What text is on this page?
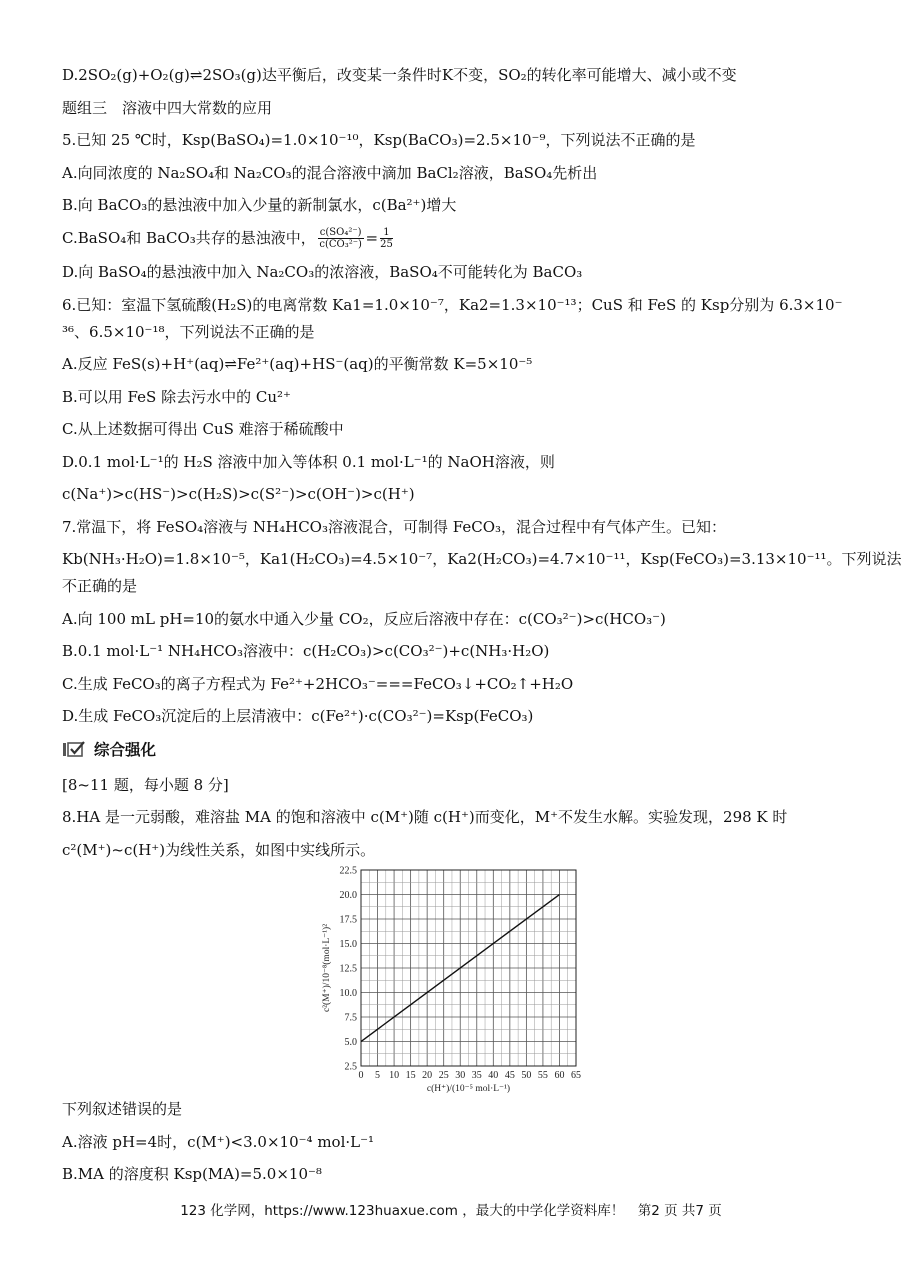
D.2SO₂(g)+O₂(g)⇌2SO₃(g)达平衡后，改变某一条件时K不变，SO₂的转化率可能增大、减小或不变

题组三　溶液中四大常数的应用

5.已知 25 ℃时，Ksp(BaSO₄)=1.0×10⁻¹⁰，Ksp(BaCO₃)=2.5×10⁻⁹，下列说法不正确的是

A.向同浓度的 Na₂SO₄和 Na₂CO₃的混合溶液中滴加 BaCl₂溶液，BaSO₄先析出

B.向 BaCO₃的悬浊液中加入少量的新制氯水，c(Ba²⁺)增大

C.BaSO₄和 BaCO₃共存的悬浊液中， $\frac{\text{c(SO₄²⁻)}}{\text{c(CO₃²⁻)}} = \frac{1}{25}$

D.向 BaSO₄的悬浊液中加入 Na₂CO₃的浓溶液，BaSO₄不可能转化为 BaCO₃

6.已知：室温下氢硫酸(H₂S)的电离常数 Ka1=1.0×10⁻⁷，Ka2=1.3×10⁻¹³；CuS 和 FeS 的 Ksp分别为 6.3×10⁻

³⁶、6.5×10⁻¹⁸，下列说法不正确的是

A.反应 FeS(s)+H⁺(aq)⇌Fe²⁺(aq)+HS⁻(aq)的平衡常数 K=5×10⁻⁵

B.可以用 FeS 除去污水中的 Cu²⁺

C.从上述数据可得出 CuS 难溶于稀硫酸中

D.0.1 mol·L⁻¹的 H₂S 溶液中加入等体积 0.1 mol·L⁻¹的 NaOH溶液，则

c(Na⁺)>c(HS⁻)>c(H₂S)>c(S²⁻)>c(OH⁻)>c(H⁺)

7.常温下，将 FeSO₄溶液与 NH₄HCO₃溶液混合，可制得 FeCO₃，混合过程中有气体产生。已知：

Kb(NH₃·H₂O)=1.8×10⁻⁵，Ka1(H₂CO₃)=4.5×10⁻⁷，Ka2(H₂CO₃)=4.7×10⁻¹¹，Ksp(FeCO₃)=3.13×10⁻¹¹。下列说法

不正确的是

A.向 100 mL pH=10的氨水中通入少量 CO₂，反应后溶液中存在：c(CO₃²⁻)>c(HCO₃⁻)

B.0.1 mol·L⁻¹ NH₄HCO₃溶液中：c(H₂CO₃)>c(CO₃²⁻)+c(NH₃·H₂O)

C.生成 FeCO₃的离子方程式为 Fe²⁺+2HCO₃⁻===FeCO₃↓+CO₂↑+H₂O

D.生成 FeCO₃沉淀后的上层清液中：c(Fe²⁺)·c(CO₃²⁻)=Ksp(FeCO₃)

综合强化

[8~11 题，每小题 8 分]

8.HA 是一元弱酸，难溶盐 MA 的饱和溶液中 c(M⁺)随 c(H⁺)而变化，M⁺不发生水解。实验发现，298 K 时

c²(M⁺)~c(H⁺)为线性关系，如图中实线所示。

0 5 10 15 20 25 30 35 40 45 50 55 60 65
2.5
5.0
7.5
10.0
12.5
15.0
17.5
20.0
22.5
c(H⁺)/(10⁻⁵ mol·L⁻¹)
c²(M⁺)/10⁻⁸(mol·L⁻¹)²

下列叙述错误的是

A.溶液 pH=4时，c(M⁺)<3.0×10⁻⁴ mol·L⁻¹

B.MA 的溶度积 Ksp(MA)=5.0×10⁻⁸

123 化学网，https://www.123huaxue.com ，最大的中学化学资料库！　第2 页 共7 页
